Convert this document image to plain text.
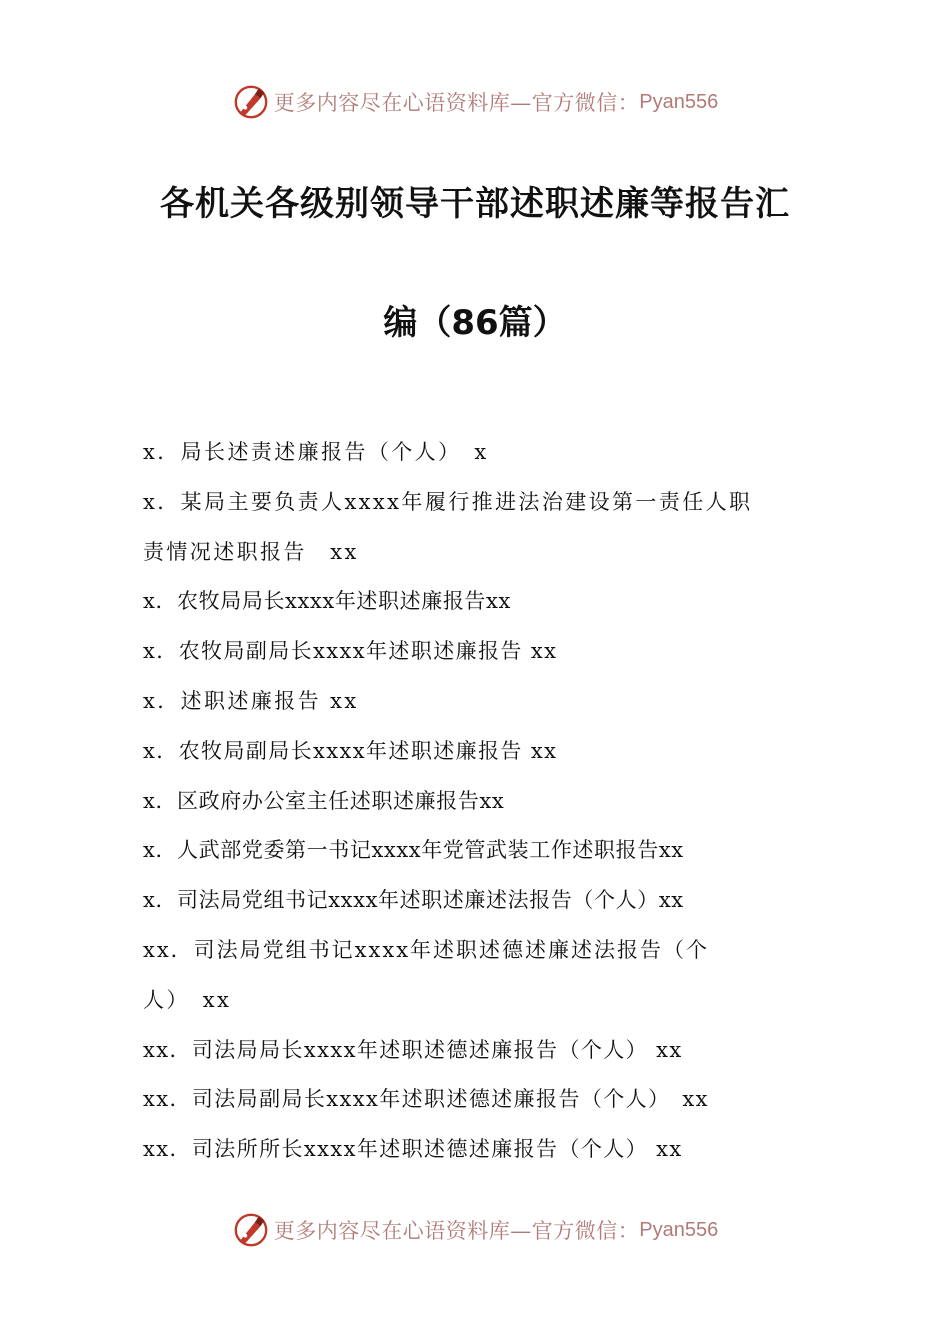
更多内容尽在心语资料库—官方微信： Pyan556
各机关各级别领导干部述职述廉等报告汇
编（86篇）
x．局长述责述廉报告（个人）　x
x．某局主要负责人xxxx年履行推进法治建设第一责任人职
责情况述职报告　xx
x．农牧局局长xxxx年述职述廉报告xx
x．农牧局副局长xxxx年述职述廉报告 xx
x．述职述廉报告 xx
x．农牧局副局长xxxx年述职述廉报告 xx
x．区政府办公室主任述职述廉报告xx
x．人武部党委第一书记xxxx年党管武装工作述职报告xx
x．司法局党组书记xxxx年述职述廉述法报告（个人）xx
xx．司法局党组书记xxxx年述职述德述廉述法报告（个
人）　xx
xx．司法局局长xxxx年述职述德述廉报告（个人） xx
xx．司法局副局长xxxx年述职述德述廉报告（个人）　xx
xx．司法所所长xxxx年述职述德述廉报告（个人） xx
更多内容尽在心语资料库—官方微信： Pyan556
